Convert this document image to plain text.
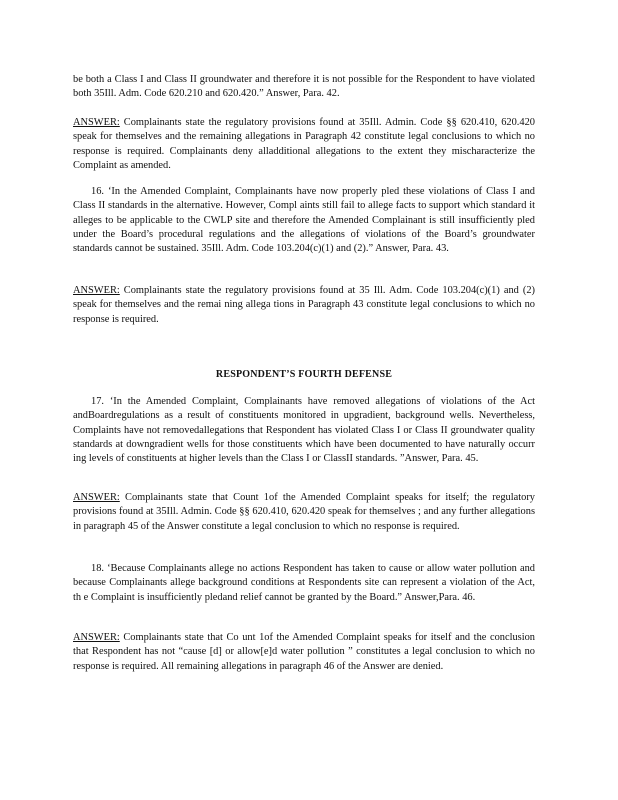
be both a Class I and Class II groundwater and therefore it is not possible for the Respondent to have violated both 35Ill. Adm. Code 620.210 and 620.420.” Answer, Para. 42.

ANSWER: Complainants state the regulatory provisions found at 35Ill. Admin. Code §§ 620.410, 620.420 speak for themselves and the remaining allegations in Paragraph 42 constitute legal conclusions to which no response is required. Complainants deny alladditional allegations to the extent they mischaracterize the Complaint as amended.

16. ‘In the Amended Complaint, Complainants have now properly pled these violations of Class I and Class II standards in the alternative. However, Compl aints still fail to allege facts to support which standard it alleges to be applicable to the CWLP site and therefore the Amended Complainant is still insufficiently pled under the Board’s procedural regulations and the allegations of violations of the Board’s groundwater standards cannot be sustained. 35Ill. Adm. Code 103.204(c)(1) and (2).” Answer, Para. 43.

ANSWER: Complainants state the regulatory provisions found at 35 Ill. Adm. Code 103.204(c)(1) and (2) speak for themselves and the remai ning allega tions in Paragraph 43 constitute legal conclusions to which no response is required.

RESPONDENT’S FOURTH DEFENSE

17. ‘In the Amended Complaint, Complainants have removed allegations of violations of the Act andBoardregulations as a result of constituents monitored in upgradient, background wells. Nevertheless, Complaints have not removedallegations that Respondent has violated Class I or Class II groundwater quality standards at downgradient wells for those constituents which have been documented to have naturally occurr ing levels of constituents at higher levels than the Class I or ClassII standards. ”Answer, Para. 45.

ANSWER: Complainants state that Count 1of the Amended Complaint speaks for itself; the regulatory provisions found at 35Ill. Admin. Code §§ 620.410, 620.420 speak for themselves ; and any further allegations in paragraph 45 of the Answer constitute a legal conclusion to which no response is required.

18. ‘Because Complainants allege no actions Respondent has taken to cause or allow water pollution and because Complainants allege background conditions at Respondents site can represent a violation of the Act, th e Complaint is insufficiently pledand relief cannot be granted by the Board.” Answer,Para. 46.

ANSWER: Complainants state that Co unt 1of the Amended Complaint speaks for itself and the conclusion that Respondent has not “cause [d] or allow[e]d water pollution ” constitutes a legal conclusion to which no response is required. All remaining allegations in paragraph 46 of the Answer are denied.
